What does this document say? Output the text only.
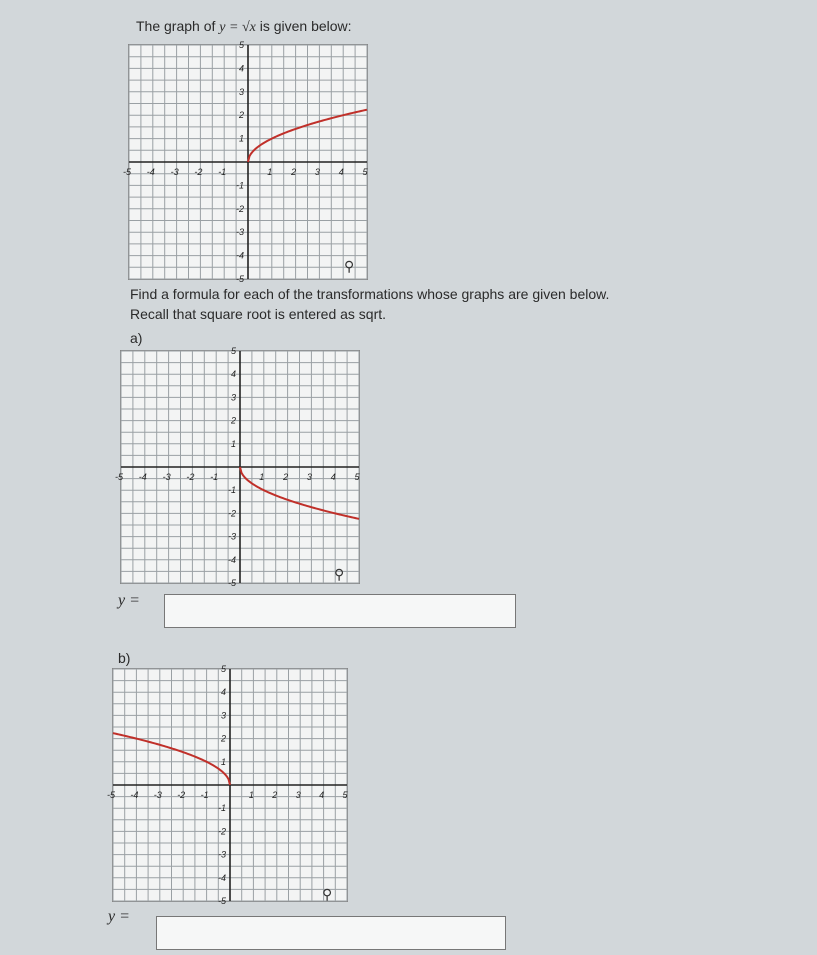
The graph of y = √x is given below:
-5 -4 -3 -2 -1	1 2 3 4 5
5
4
3
2
1
-1
-2
-3
-4
-5
⚲
Find a formula for each of the transformations whose graphs are given below.
Recall that square root is entered as sqrt.
a)
-5 -4 -3 -2 -1	1 2 3 4 5
5
4
3
2
1
-1
-2
-3
-4
-5
⚲
y =
b)
-5 -4 -3 -2 -1	1 2 3 4 5
5
4
3
2
1
-1
-2
-3
-4
-5	⚲
y =
